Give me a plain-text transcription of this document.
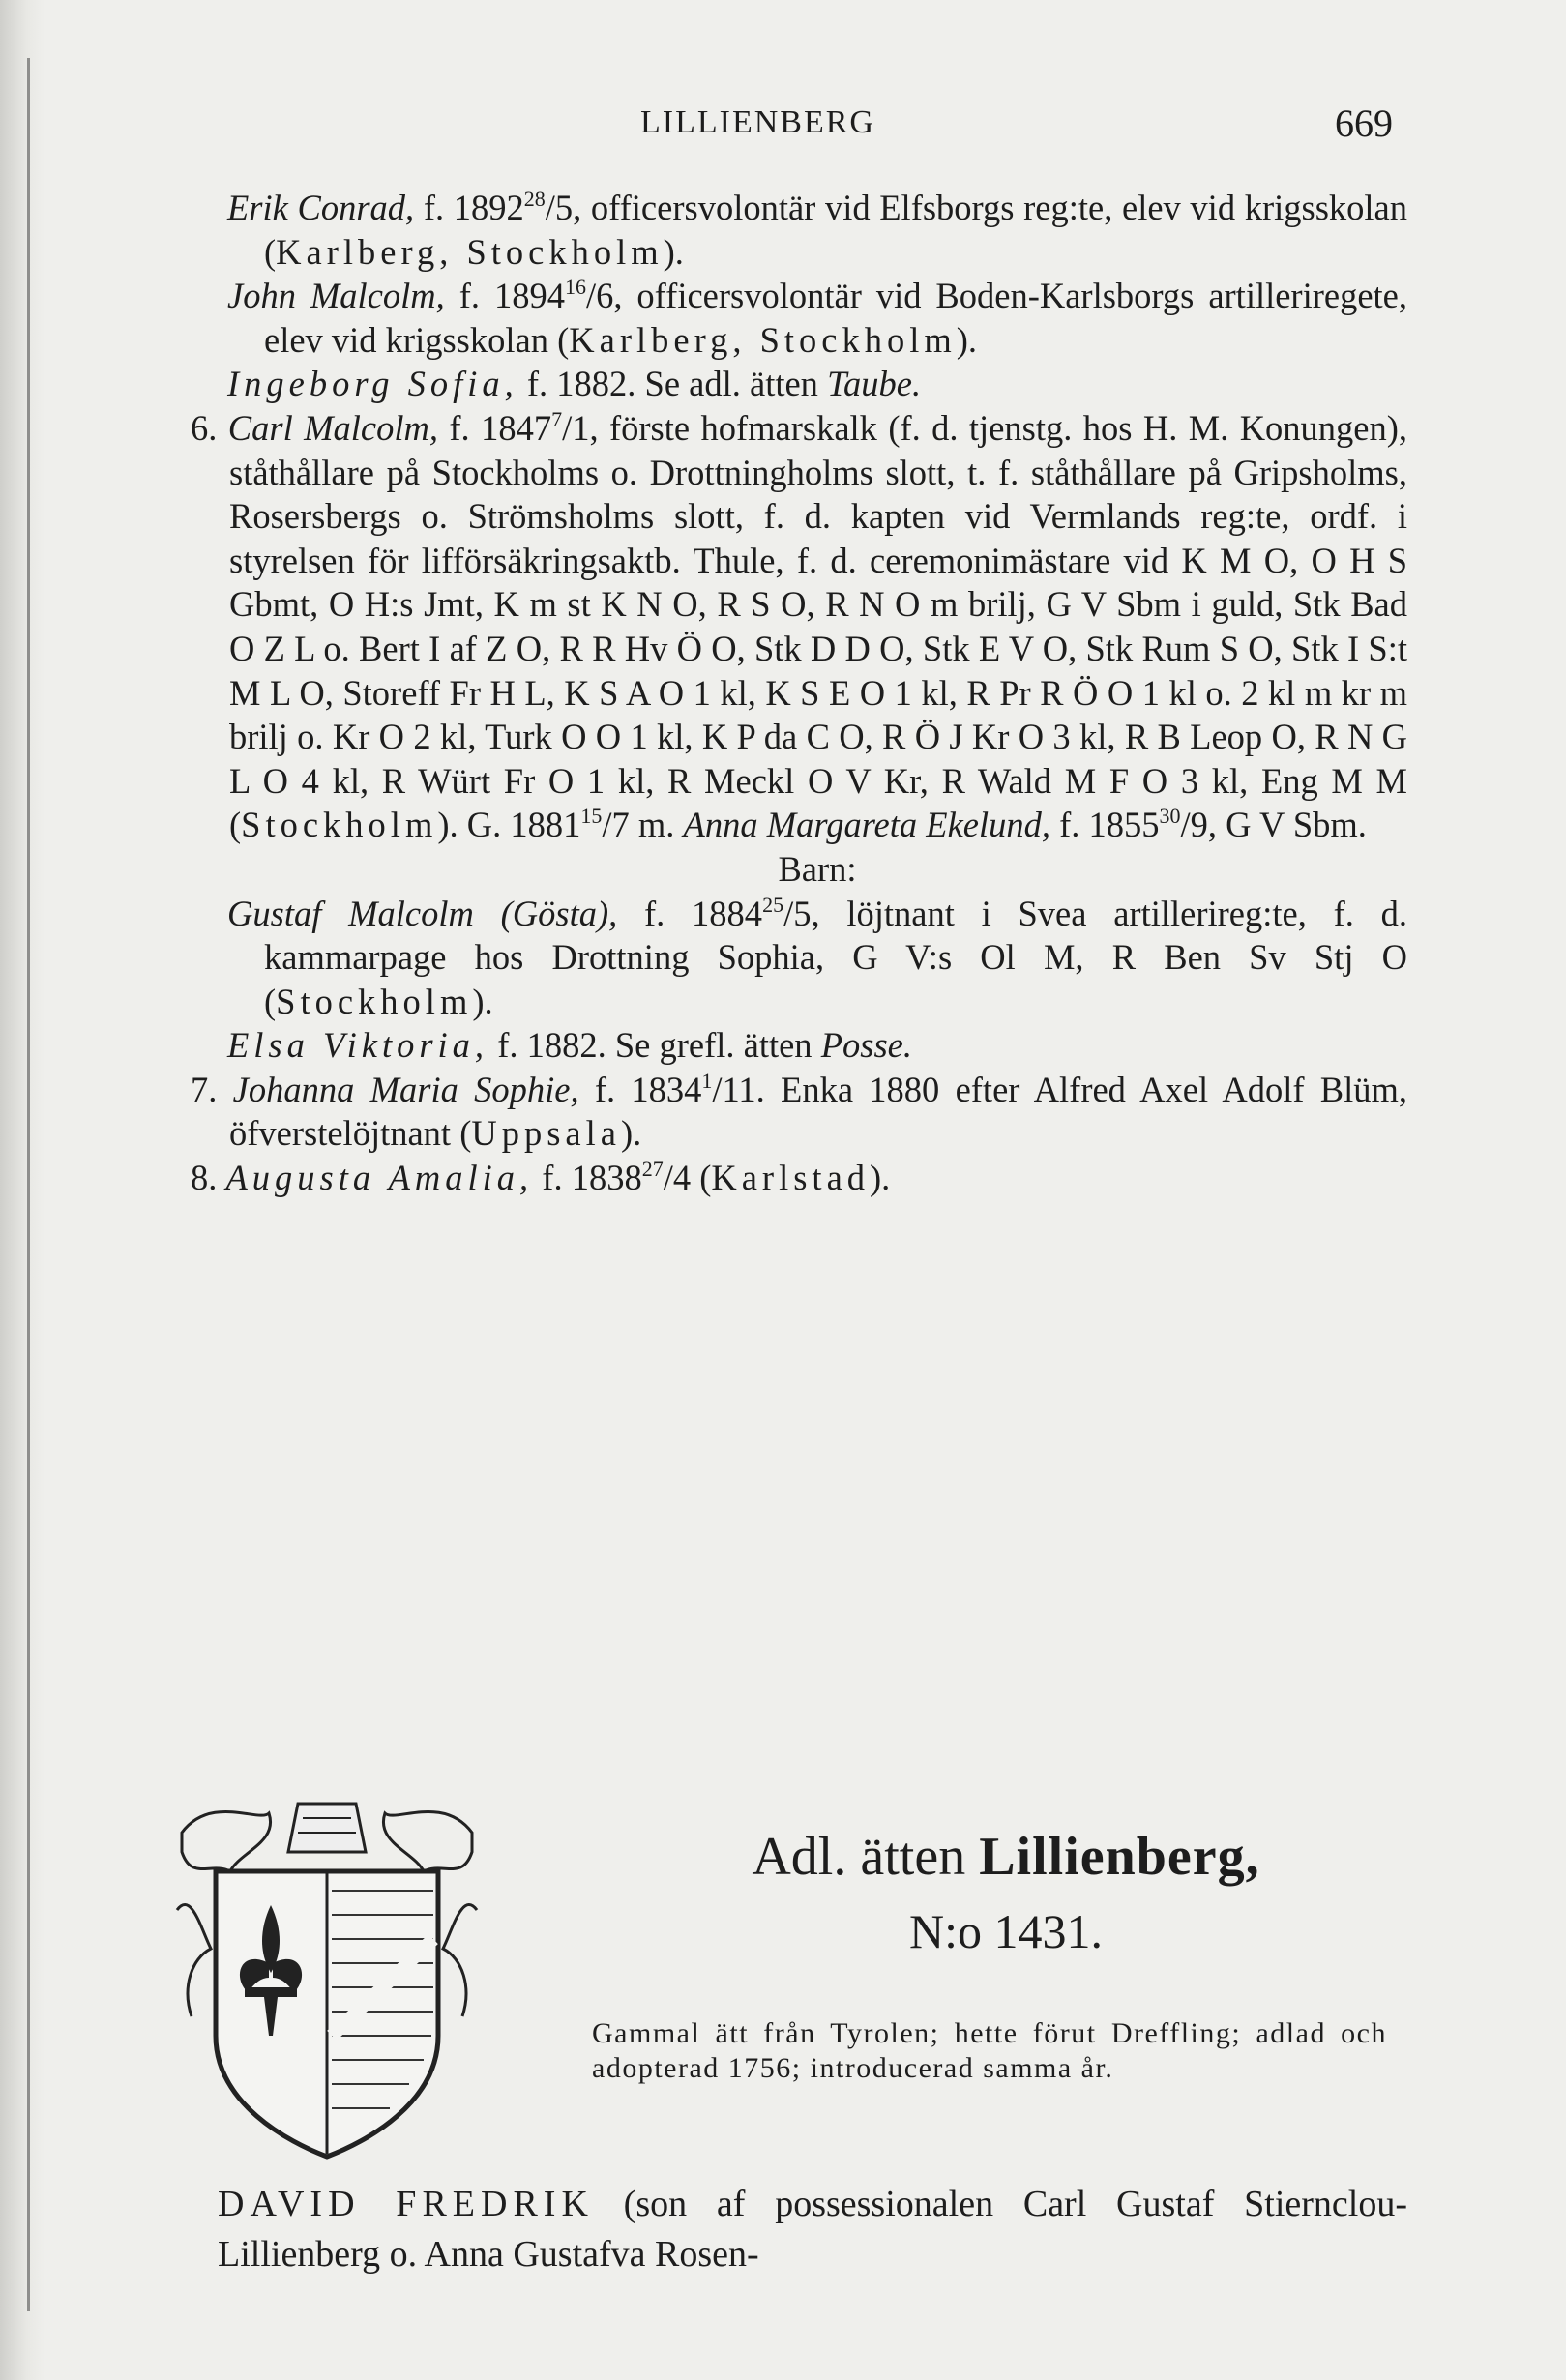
LILLIENBERG	669

Erik Conrad, f. 1892$^{28}$/5, officersvolontär vid Elfsborgs reg:te, elev vid krigsskolan (Karlberg, Stockholm).

John Malcolm, f. 1894$^{16}$/6, officersvolontär vid Boden-Karlsborgs artilleriregete, elev vid krigsskolan (Karlberg, Stockholm).

Ingeborg Sofia, f. 1882. Se adl. ätten Taube.

6. Carl Malcolm, f. 1847$^7$/1, förste hofmarskalk (f. d. tjenstg. hos H. M. Konungen), ståthållare på Stockholms o. Drottningholms slott, t. f. ståthållare på Gripsholms, Rosersbergs o. Strömsholms slott, f. d. kapten vid Vermlands reg:te, ordf. i styrelsen för lifförsäkringsaktb. Thule, f. d. ceremonimästare vid K M O, O H S Gbmt, O H:s Jmt, K m st K N O, R S O, R N O m brilj, G V Sbm i guld, Stk Bad O Z L o. Bert I af Z O, R R Hv Ö O, Stk D D O, Stk E V O, Stk Rum S O, Stk I S:t M L O, Storeff Fr H L, K S A O 1 kl, K S E O 1 kl, R Pr R Ö O 1 kl o. 2 kl m kr m brilj o. Kr O 2 kl, Turk O O 1 kl, K P da C O, R Ö J Kr O 3 kl, R B Leop O, R N G L O 4 kl, R Würt Fr O 1 kl, R Meckl O V Kr, R Wald M F O 3 kl, Eng M M (Stockholm). G. 1881$^{15}$/7 m. Anna Margareta Ekelund, f. 1855$^{30}$/9, G V Sbm.

Barn:

Gustaf Malcolm (Gösta), f. 1884$^{25}$/5, löjtnant i Svea artillerireg:te, f. d. kammarpage hos Drottning Sophia, G V:s Ol M, R Ben Sv Stj O (Stockholm).

Elsa Viktoria, f. 1882. Se grefl. ätten Posse.

7. Johanna Maria Sophie, f. 1834$^1$/11. Enka 1880 efter Alfred Axel Adolf Blüm, öfverstelöjtnant (Uppsala).

8. Augusta Amalia, f. 1838$^{27}$/4 (Karlstad).

Adl. ätten Lillienberg,
N:o 1431.
Gammal ätt från Tyrolen; hette förut Dreffling; adlad och adopterad 1756; introducerad samma år.
DAVID FREDRIK (son af possessionalen Carl Gustaf Stiernclou-Lillienberg o. Anna Gustafva Rosen-
